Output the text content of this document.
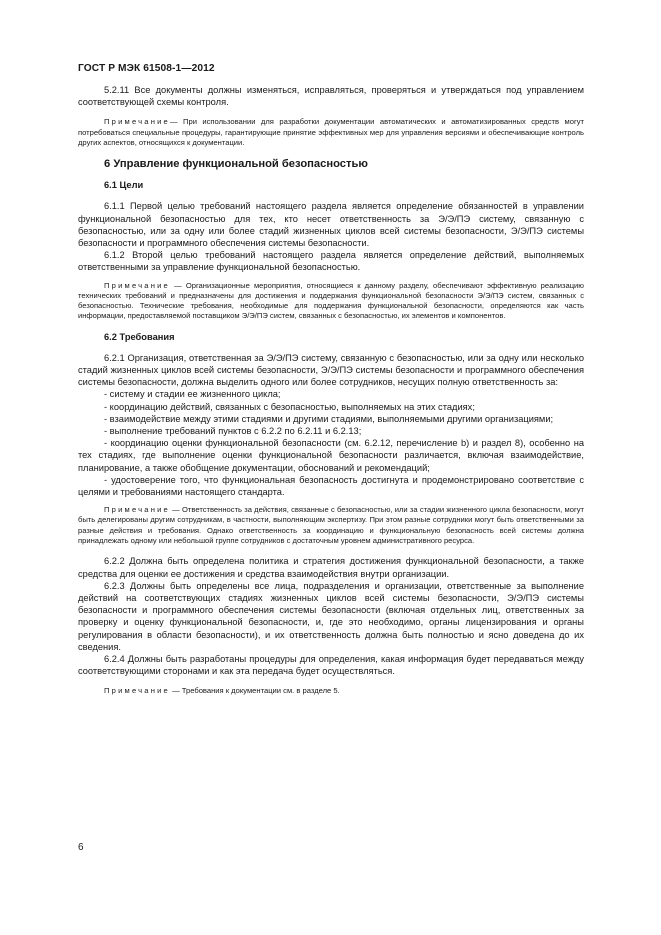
ГОСТ Р МЭК 61508-1—2012

5.2.11 Все документы должны изменяться, исправляться, проверяться и утверждаться под управлением соответствующей схемы контроля.

Примечание— При использовании для разработки документации автоматических и автоматизированных средств могут потребоваться специальные процедуры, гарантирующие принятие эффективных мер для управления версиями и обеспечивающие контроль других аспектов, относящихся к документации.

6 Управление функциональной безопасностью
6.1 Цели

6.1.1 Первой целью требований настоящего раздела является определение обязанностей в управлении функциональной безопасностью для тех, кто несет ответственность за Э/Э/ПЭ систему, связанную с безопасностью, или за одну или более стадий жизненных циклов всей системы безопасности, Э/Э/ПЭ системы безопасности и программного обеспечения системы безопасности.

6.1.2 Второй целью требований настоящего раздела является определение действий, выполняемых ответственными за управление функциональной безопасностью.

Примечание — Организационные мероприятия, относящиеся к данному разделу, обеспечивают эффективную реализацию технических требований и предназначены для достижения и поддержания функциональной безопасности Э/Э/ПЭ систем, связанных с безопасностью. Технические требования, необходимые для поддержания функциональной безопасности, определяются как часть информации, предоставляемой поставщиком Э/Э/ПЭ систем, связанных с безопасностью, их элементов и компонентов.

6.2 Требования

6.2.1 Организация, ответственная за Э/Э/ПЭ систему, связанную с безопасностью, или за одну или несколько стадий жизненных циклов всей системы безопасности, Э/Э/ПЭ системы безопасности и программного обеспечения системы безопасности, должна выделить одного или более сотрудников, несущих полную ответственность за:

- систему и стадии ее жизненного цикла;

- координацию действий, связанных с безопасностью, выполняемых на этих стадиях;

- взаимодействие между этими стадиями и другими стадиями, выполняемыми другими организациями;

- выполнение требований пунктов с 6.2.2 по 6.2.11 и 6.2.13;

- координацию оценки функциональной безопасности (см. 6.2.12, перечисление b) и раздел 8), особенно на тех стадиях, где выполнение оценки функциональной безопасности различается, включая взаимодействие, планирование, а также обобщение документации, обоснований и рекомендаций;

- удостоверение того, что функциональная безопасность достигнута и продемонстрировано соответствие с целями и требованиями настоящего стандарта.

Примечание — Ответственность за действия, связанные с безопасностью, или за стадии жизненного цикла безопасности, могут быть делегированы другим сотрудникам, в частности, выполняющим экспертизу. При этом разные сотрудники могут быть ответственными за разные действия и требования. Однако ответственность за координацию и функциональную безопасность всей системы должна принадлежать одному или небольшой группе сотрудников с достаточным уровнем административного ресурса.

6.2.2 Должна быть определена политика и стратегия достижения функциональной безопасности, а также средства для оценки ее достижения и средства взаимодействия внутри организации.

6.2.3 Должны быть определены все лица, подразделения и организации, ответственные за выполнение действий на соответствующих стадиях жизненных циклов всей системы безопасности, Э/Э/ПЭ системы безопасности и программного обеспечения системы безопасности (включая отдельных лиц, ответственных за проверку и оценку функциональной безопасности, и, где это необходимо, органы лицензирования и органы регулирования в области безопасности), и их ответственность должна быть полностью и ясно доведена до их сведения.

6.2.4 Должны быть разработаны процедуры для определения, какая информация будет передаваться между соответствующими сторонами и как эта передача будет осуществляться.

Примечание — Требования к документации см. в разделе 5.

6
